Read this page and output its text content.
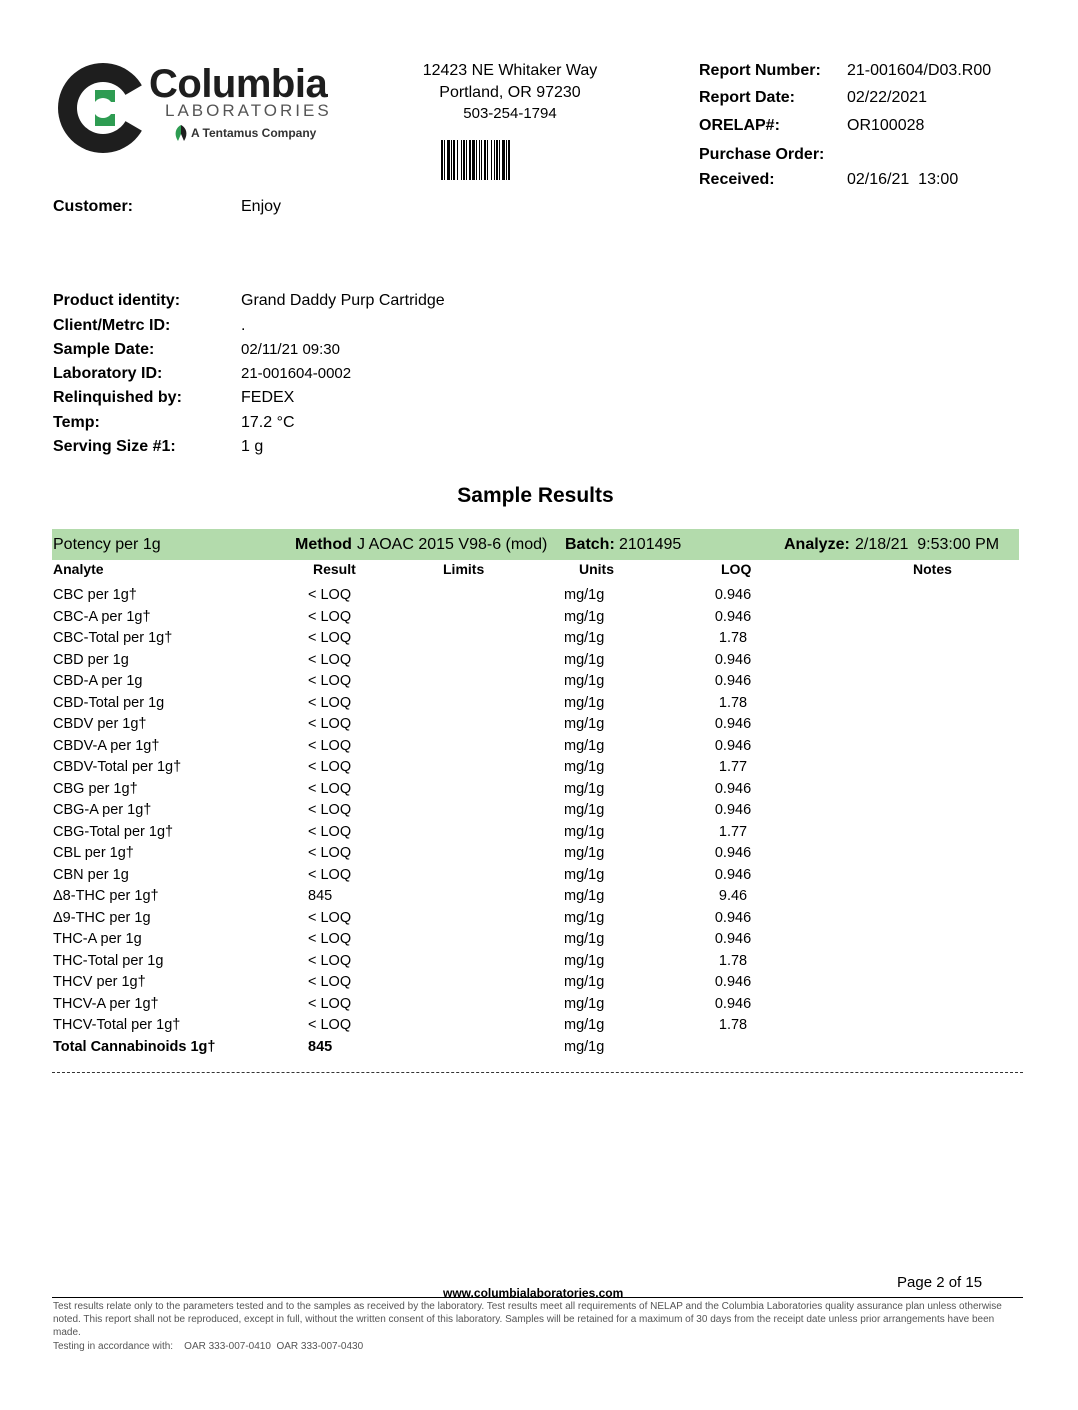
Columbia
LABORATORIES
A Tentamus Company
12423 NE Whitaker Way
Portland, OR 97230
503-254-1794
Report Number: 21-001604/D03.R00
Report Date:	02/22/2021
ORELAP#:	OR100028
Purchase Order:
Received:	02/16/21  13:00
Customer:	Enjoy
Product identity:	Grand Daddy Purp Cartridge
Client/Metrc ID:	.
Sample Date:	02/11/21 09:30
Laboratory ID:	21-001604-0002
Relinquished by:	FEDEX
Temp:	17.2 °C
Serving Size #1:	1 g
Sample Results
Potency per 1g	Method J AOAC 2015 V98-6 (mod) Batch: 2101495	Analyze: 2/18/21  9:53:00 PM
Analyte	Result	Limits	Units	LOQ	Notes
CBC per 1g†	< LOQ	mg/1g	0.946
CBC-A per 1g†	< LOQ	mg/1g	0.946
CBC-Total per 1g†	< LOQ	mg/1g	1.78
CBD per 1g	< LOQ	mg/1g	0.946
CBD-A per 1g	< LOQ	mg/1g	0.946
CBD-Total per 1g	< LOQ	mg/1g	1.78
CBDV per 1g†	< LOQ	mg/1g	0.946
CBDV-A per 1g†	< LOQ	mg/1g	0.946
CBDV-Total per 1g†	< LOQ	mg/1g	1.77
CBG per 1g†	< LOQ	mg/1g	0.946
CBG-A per 1g†	< LOQ	mg/1g	0.946
CBG-Total per 1g†	< LOQ	mg/1g	1.77
CBL per 1g†	< LOQ	mg/1g	0.946
CBN per 1g	< LOQ	mg/1g	0.946
Δ8-THC per 1g†	845	mg/1g	9.46
Δ9-THC per 1g	< LOQ	mg/1g	0.946
THC-A per 1g	< LOQ	mg/1g	0.946
THC-Total per 1g	< LOQ	mg/1g	1.78
THCV per 1g†	< LOQ	mg/1g	0.946
THCV-A per 1g†	< LOQ	mg/1g	0.946
THCV-Total per 1g†	< LOQ	mg/1g	1.78
Total Cannabinoids 1g†	845	mg/1g
Page 2 of 15
www.columbialaboratories.com
Test results relate only to the parameters tested and to the samples as received by the laboratory. Test results meet all requirements of NELAP and the Columbia Laboratories quality assurance plan unless otherwise noted. This report shall not be reproduced, except in full, without the written consent of this laboratory. Samples will be retained for a maximum of 30 days from the receipt date unless prior arrangements have been made.
Testing in accordance with:    OAR 333-007-0410  OAR 333-007-0430
